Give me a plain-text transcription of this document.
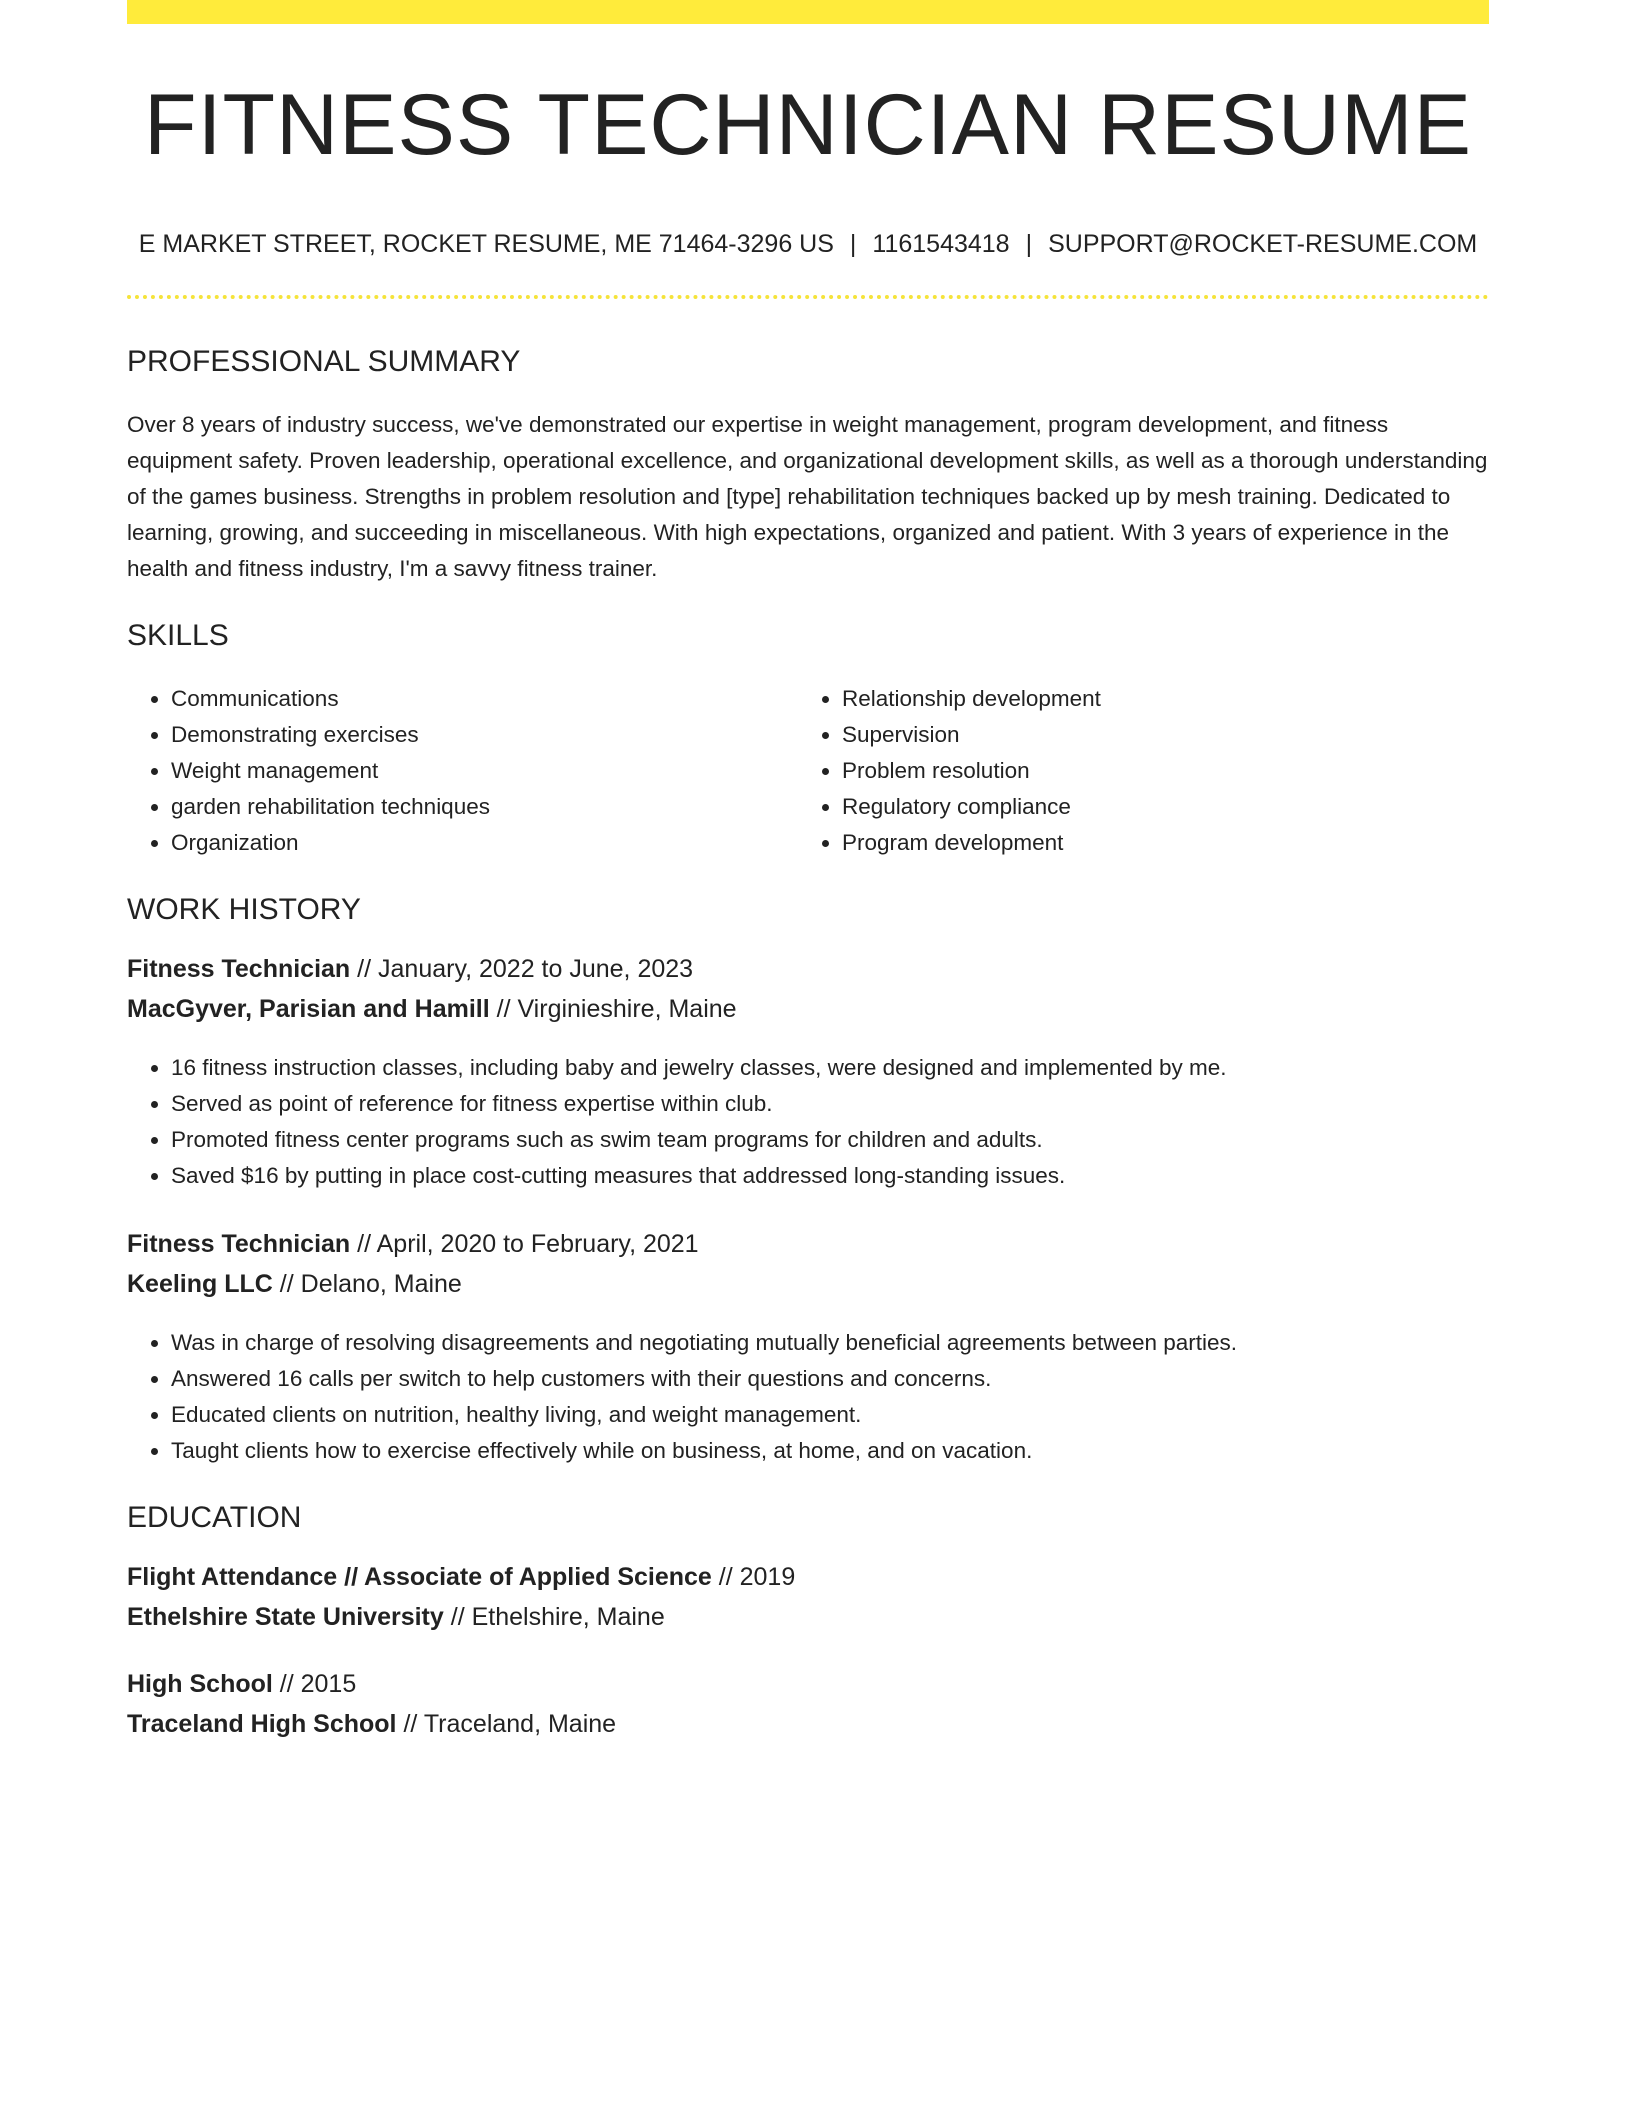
FITNESS TECHNICIAN RESUME
E MARKET STREET, ROCKET RESUME, ME 71464-3296 US | 1161543418 | SUPPORT@ROCKET-RESUME.COM
PROFESSIONAL SUMMARY

Over 8 years of industry success, we've demonstrated our expertise in weight management, program development, and fitness equipment safety. Proven leadership, operational excellence, and organizational development skills, as well as a thorough understanding of the games business. Strengths in problem resolution and [type] rehabilitation techniques backed up by mesh training. Dedicated to learning, growing, and succeeding in miscellaneous. With high expectations, organized and patient. With 3 years of experience in the health and fitness industry, I'm a savvy fitness trainer.

SKILLS
• Communications
• Demonstrating exercises
• Weight management
• garden rehabilitation techniques
• Organization
• Relationship development
• Supervision
• Problem resolution
• Regulatory compliance
• Program development
WORK HISTORY

Fitness Technician // January, 2022 to June, 2023

MacGyver, Parisian and Hamill // Virginieshire, Maine

• 16 fitness instruction classes, including baby and jewelry classes, were designed and implemented by me.
• Served as point of reference for fitness expertise within club.
• Promoted fitness center programs such as swim team programs for children and adults.
• Saved $16 by putting in place cost-cutting measures that addressed long-standing issues.

Fitness Technician // April, 2020 to February, 2021

Keeling LLC // Delano, Maine

• Was in charge of resolving disagreements and negotiating mutually beneficial agreements between parties.
• Answered 16 calls per switch to help customers with their questions and concerns.
• Educated clients on nutrition, healthy living, and weight management.
• Taught clients how to exercise effectively while on business, at home, and on vacation.
EDUCATION

Flight Attendance // Associate of Applied Science // 2019

Ethelshire State University // Ethelshire, Maine

High School // 2015

Traceland High School // Traceland, Maine
